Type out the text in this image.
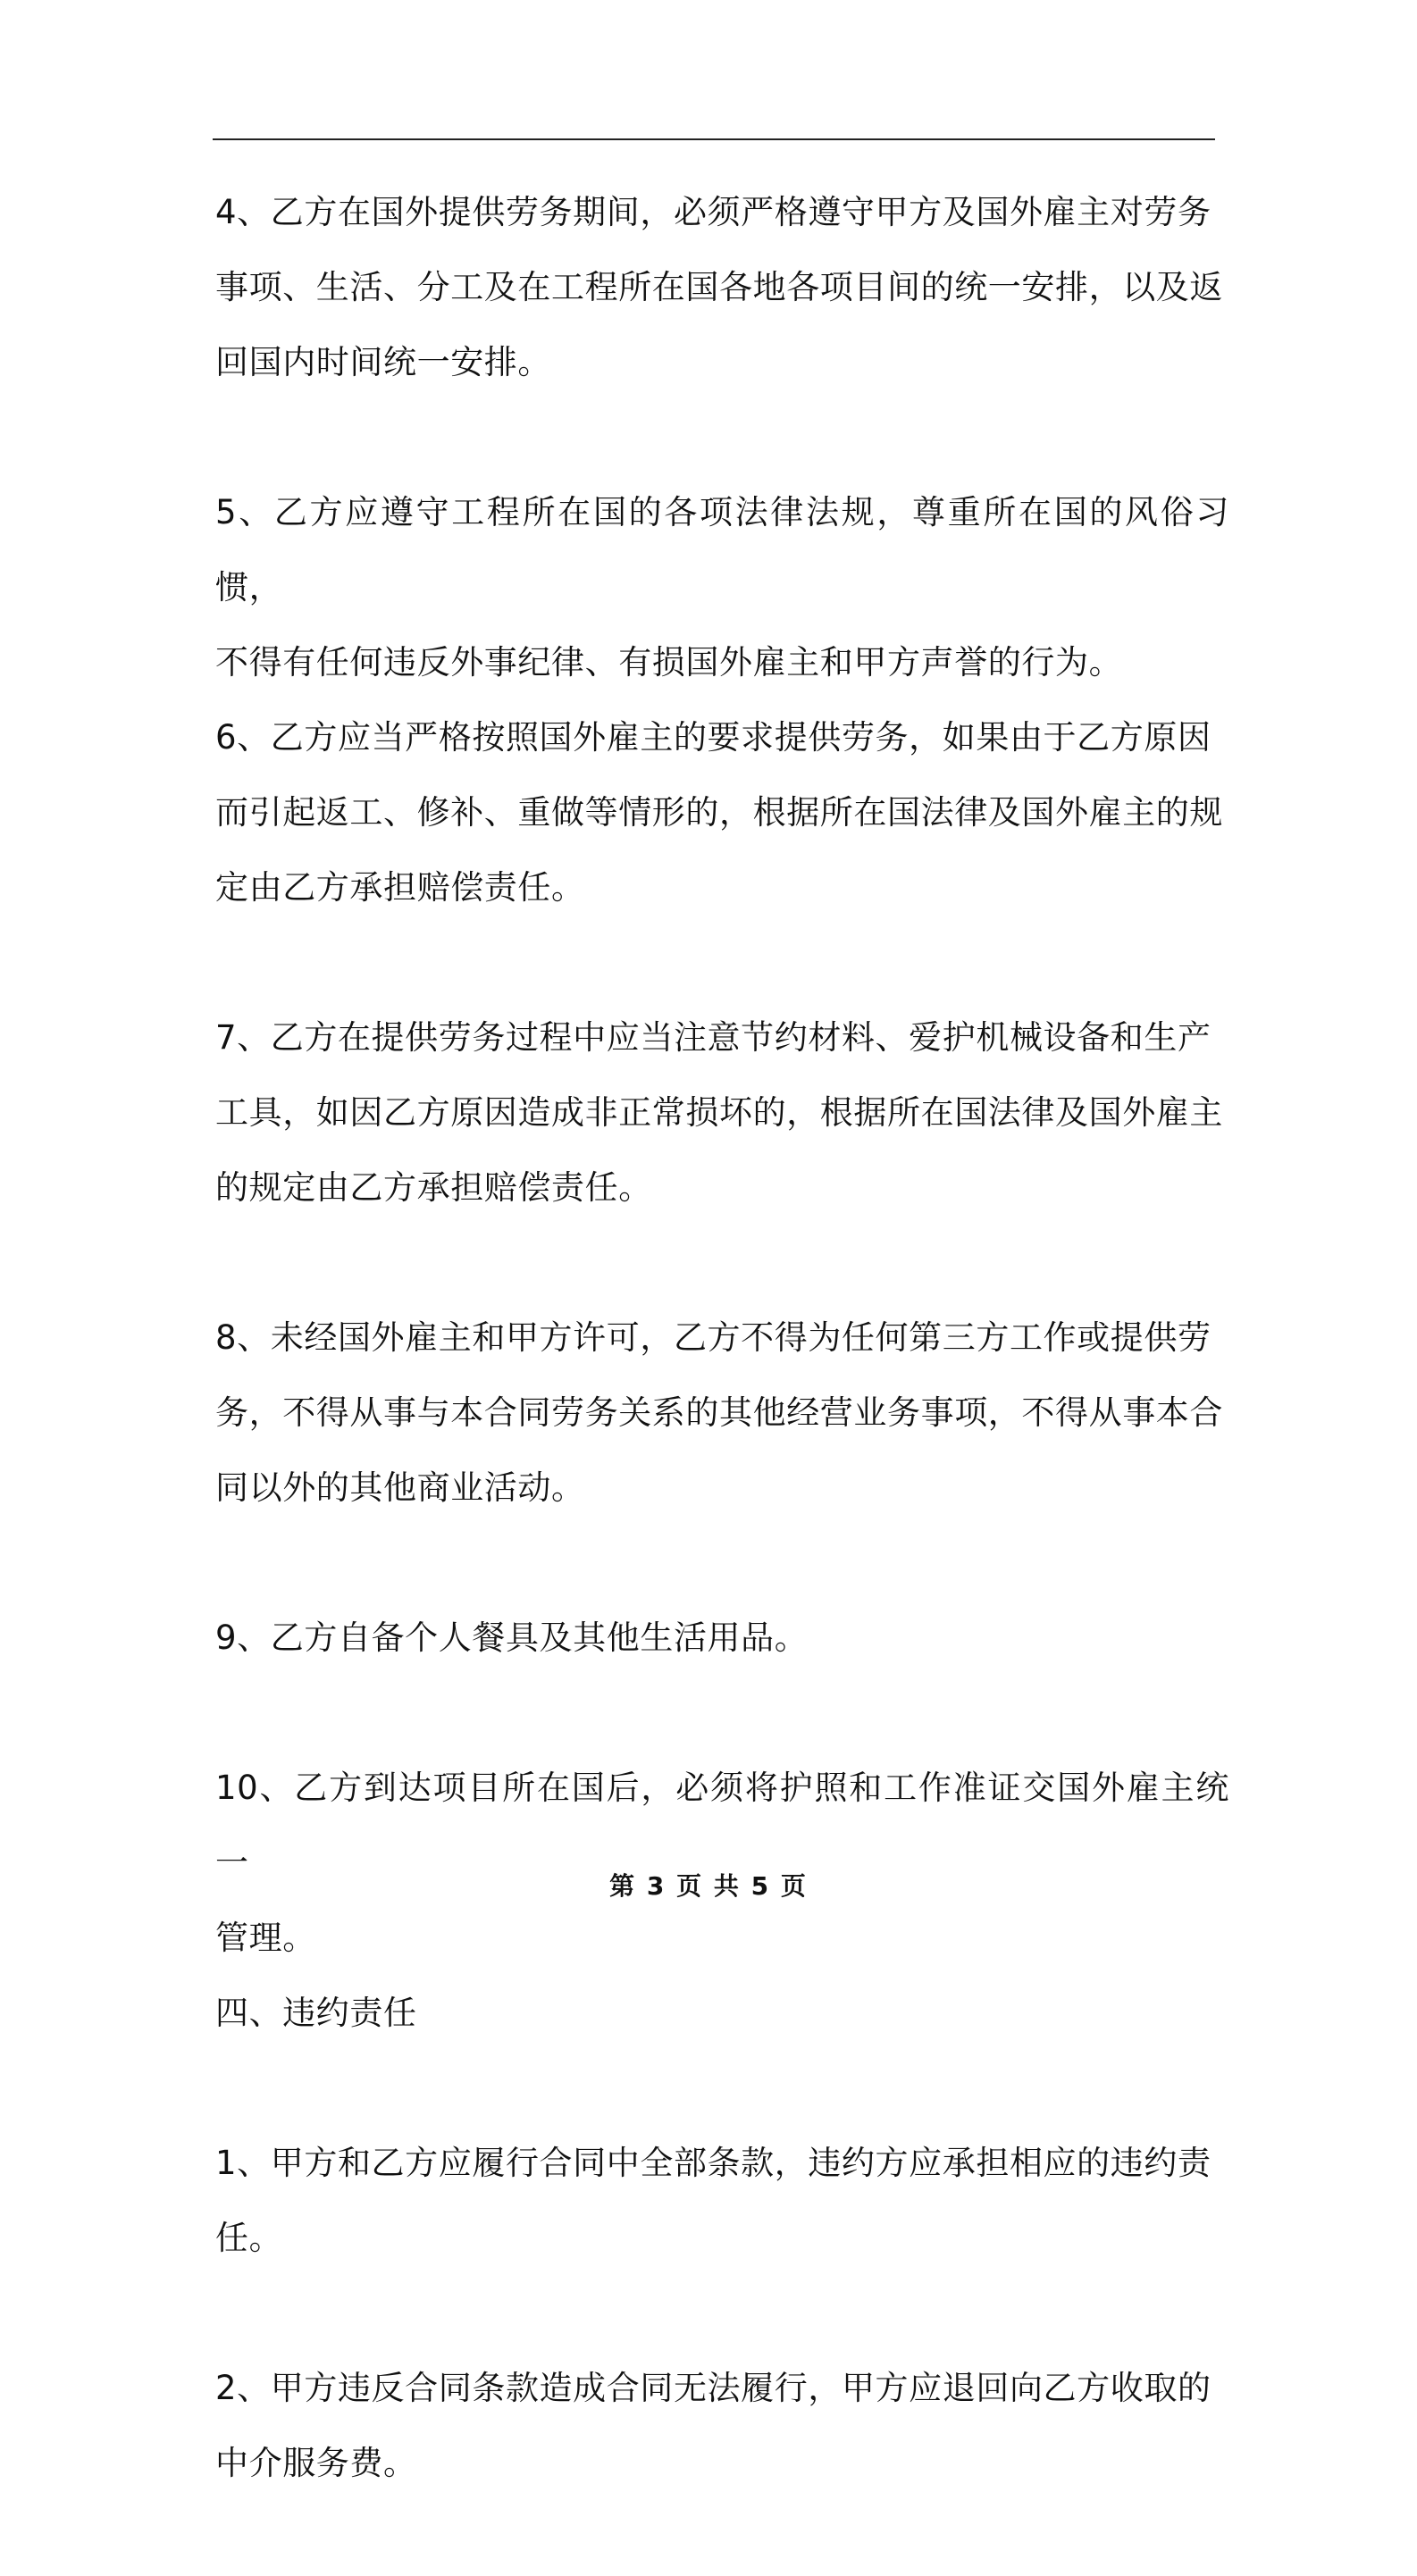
4、乙方在国外提供劳务期间，必须严格遵守甲方及国外雇主对劳务
事项、生活、分工及在工程所在国各地各项目间的统一安排，以及返
回国内时间统一安排。
5、乙方应遵守工程所在国的各项法律法规，尊重所在国的风俗习惯，
不得有任何违反外事纪律、有损国外雇主和甲方声誉的行为。
6、乙方应当严格按照国外雇主的要求提供劳务，如果由于乙方原因
而引起返工、修补、重做等情形的，根据所在国法律及国外雇主的规
定由乙方承担赔偿责任。
7、乙方在提供劳务过程中应当注意节约材料、爱护机械设备和生产
工具，如因乙方原因造成非正常损坏的，根据所在国法律及国外雇主
的规定由乙方承担赔偿责任。
8、未经国外雇主和甲方许可，乙方不得为任何第三方工作或提供劳
务，不得从事与本合同劳务关系的其他经营业务事项，不得从事本合
同以外的其他商业活动。
9、乙方自备个人餐具及其他生活用品。
10、乙方到达项目所在国后，必须将护照和工作准证交国外雇主统一
管理。
四、违约责任
1、甲方和乙方应履行合同中全部条款，违约方应承担相应的违约责
任。
2、甲方违反合同条款造成合同无法履行，甲方应退回向乙方收取的
中介服务费。
第 3 页 共 5 页
